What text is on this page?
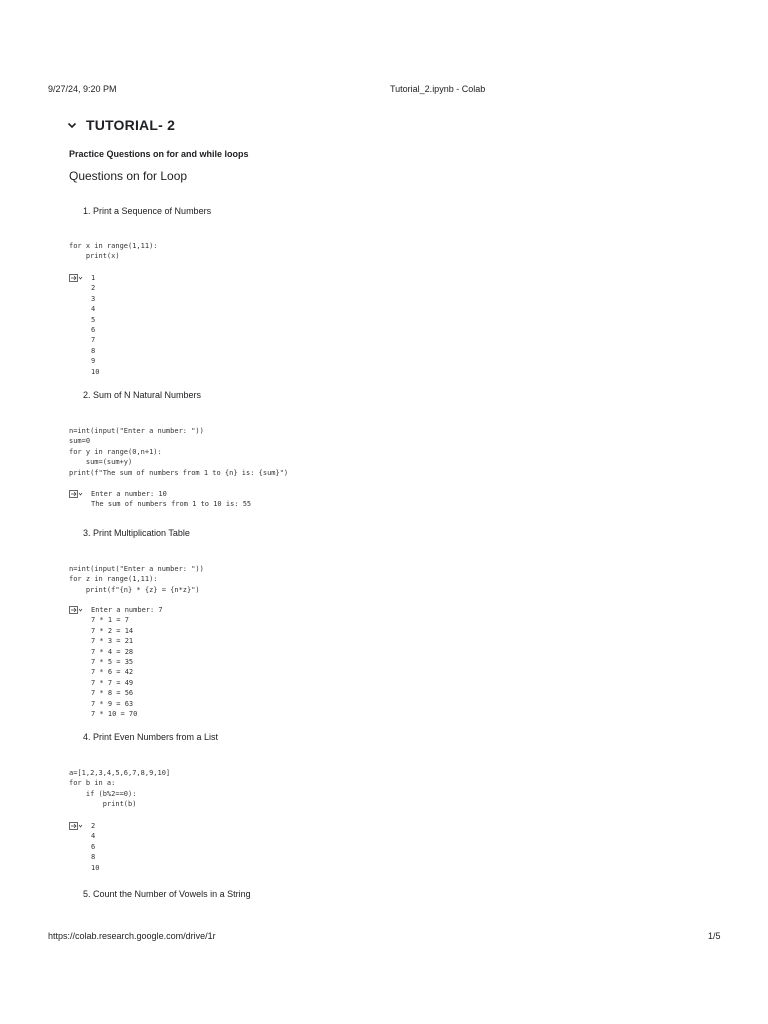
9/27/24, 9:20 PM	Tutorial_2.ipynb - Colab
TUTORIAL- 2
Practice Questions on for and while loops
Questions on for Loop
1. Print a Sequence of Numbers
for x in range(1,11):
print(x)
1
2
3
4
5
6
7
8
9
10
2. Sum of N Natural Numbers
n=int(input("Enter a number: "))
sum=0
for y in range(0,n+1):
sum=(sum+y)
print(f"The sum of numbers from 1 to {n} is: {sum}")
Enter a number: 10
The sum of numbers from 1 to 10 is: 55
3. Print Multiplication Table
n=int(input("Enter a number: "))
for z in range(1,11):
print(f"{n} * {z} = {n*z}")
Enter a number: 7
7 * 1 = 7
7 * 2 = 14
7 * 3 = 21
7 * 4 = 28
7 * 5 = 35
7 * 6 = 42
7 * 7 = 49
7 * 8 = 56
7 * 9 = 63
7 * 10 = 70
4. Print Even Numbers from a List
a=[1,2,3,4,5,6,7,8,9,10]
for b in a:
if (b%2==0):
print(b)
2
4
6
8
10
5. Count the Number of Vowels in a String
https://colab.research.google.com/drive/1r	1/5
